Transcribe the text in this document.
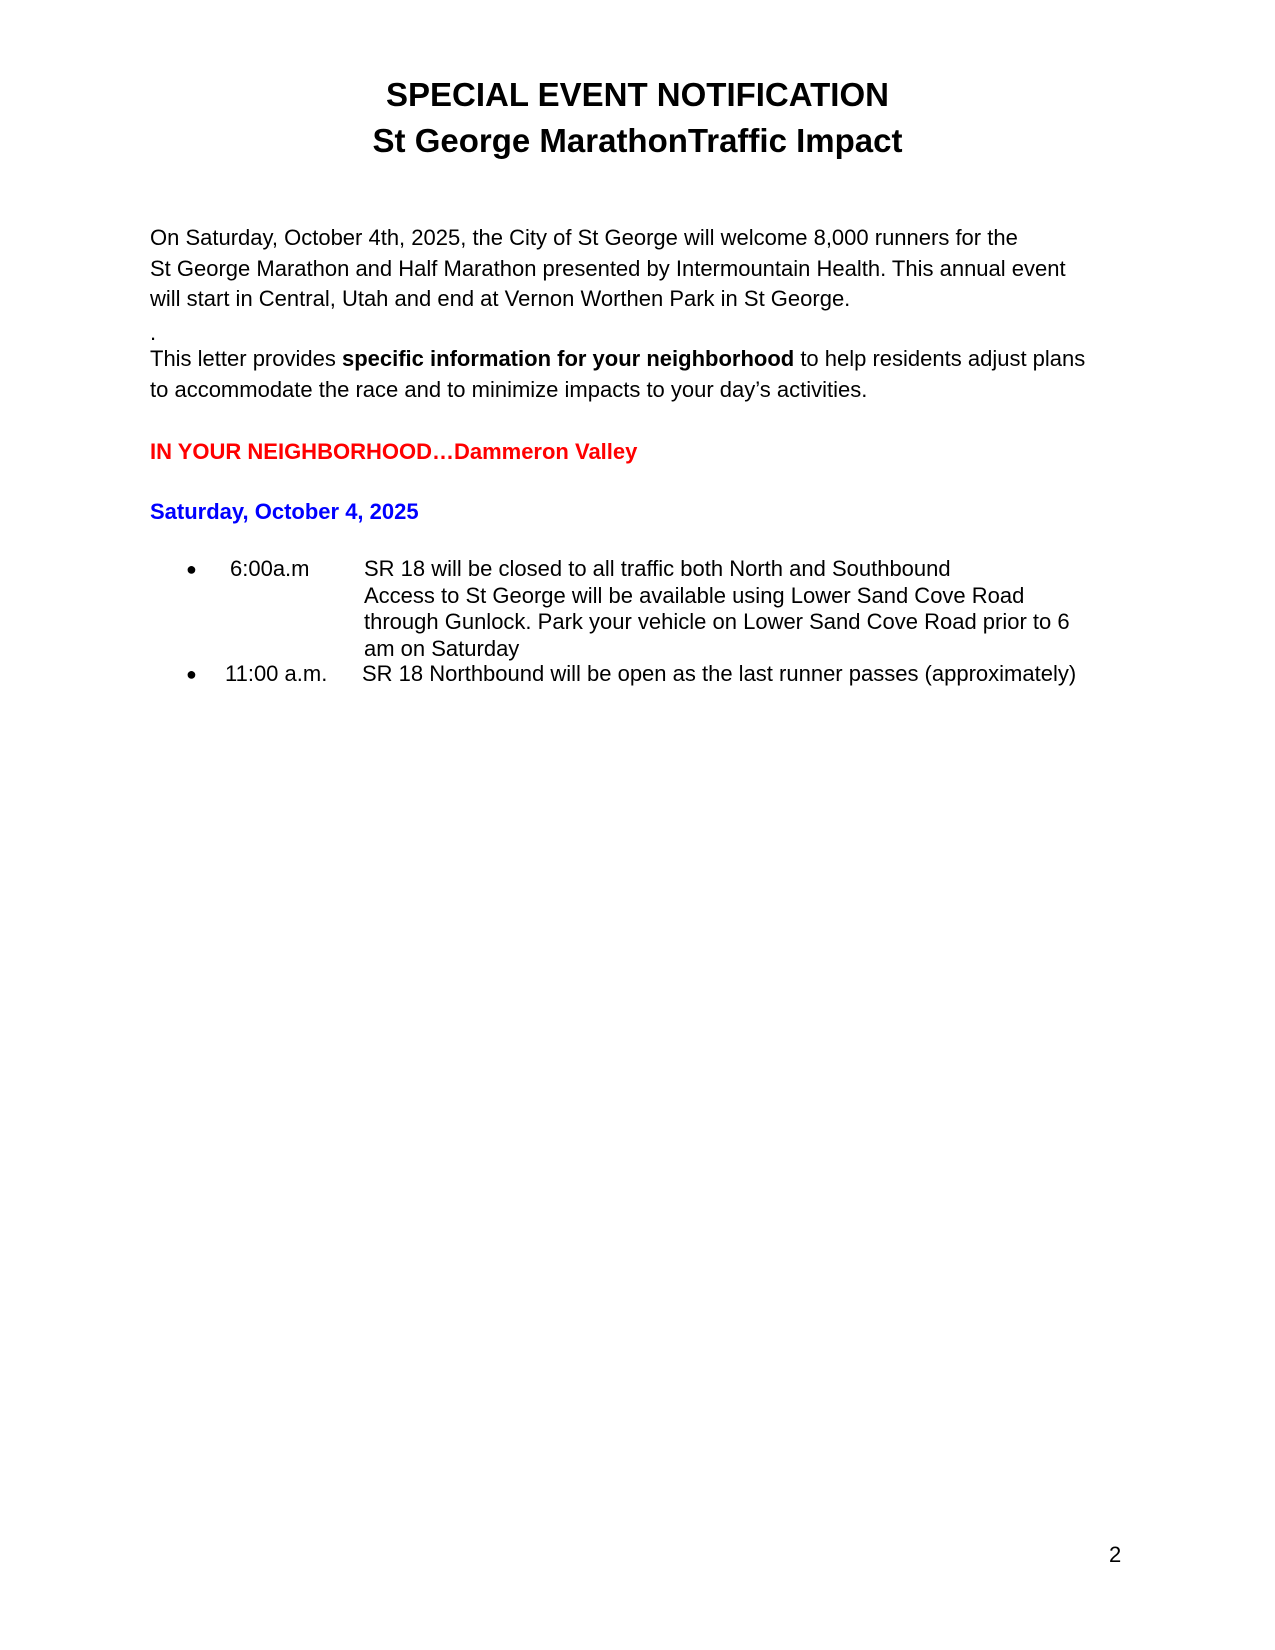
SPECIAL EVENT NOTIFICATION
St George MarathonTraffic Impact
On Saturday, October 4th, 2025, the City of St George will welcome 8,000 runners for the
St George Marathon and Half Marathon presented by Intermountain Health. This annual event
will start in Central, Utah and end at Vernon Worthen Park in St George.
.
This letter provides specific information for your neighborhood to help residents adjust plans
to accommodate the race and to minimize impacts to your day’s activities.
IN YOUR NEIGHBORHOOD…Dammeron Valley
Saturday, October 4, 2025
● 6:00a.m SR 18 will be closed to all traffic both North and Southbound
Access to St George will be available using Lower Sand Cove Road
through Gunlock. Park your vehicle on Lower Sand Cove Road prior to 6
am on Saturday
● 11:00 a.m. SR 18 Northbound will be open as the last runner passes (approximately)
2
